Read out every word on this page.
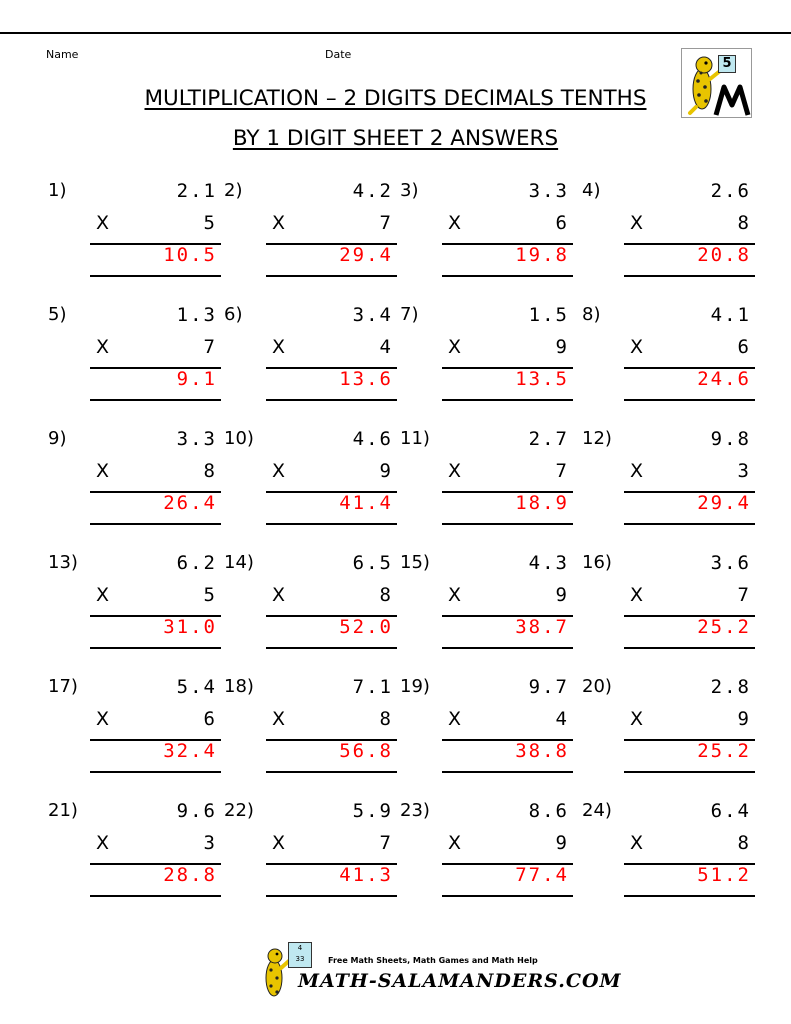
Name	Date
MULTIPLICATION – 2 DIGITS DECIMALS TENTHS
BY 1 DIGIT SHEET 2 ANSWERS
5
1)	2.1
X	5
10.5
2)	4.2
X	7
29.4
3)	3.3
X	6
19.8
4)	2.6
X	8
20.8
5)	1.3
X	7
9.1
6)	3.4
X	4
13.6
7)	1.5
X	9
13.5
8)	4.1
X	6
24.6
9)	3.3
X	8
26.4
10)	4.6
X	9
41.4
11)	2.7
X	7
18.9
12)	9.8
X	3
29.4
13)	6.2
X	5
31.0
14)	6.5
X	8
52.0
15)	4.3
X	9
38.7
16)	3.6
X	7
25.2
17)	5.4
X	6
32.4
18)	7.1
X	8
56.8
19)	9.7
X	4
38.8
20)	2.8
X	9
25.2
21)	9.6
X	3
28.8
22)	5.9
X	7
41.3
23)	8.6
X	9
77.4
24)	6.4
X	8
51.2
4
33	Free Math Sheets, Math Games and Math Help
MATH-SALAMANDERS.COM
